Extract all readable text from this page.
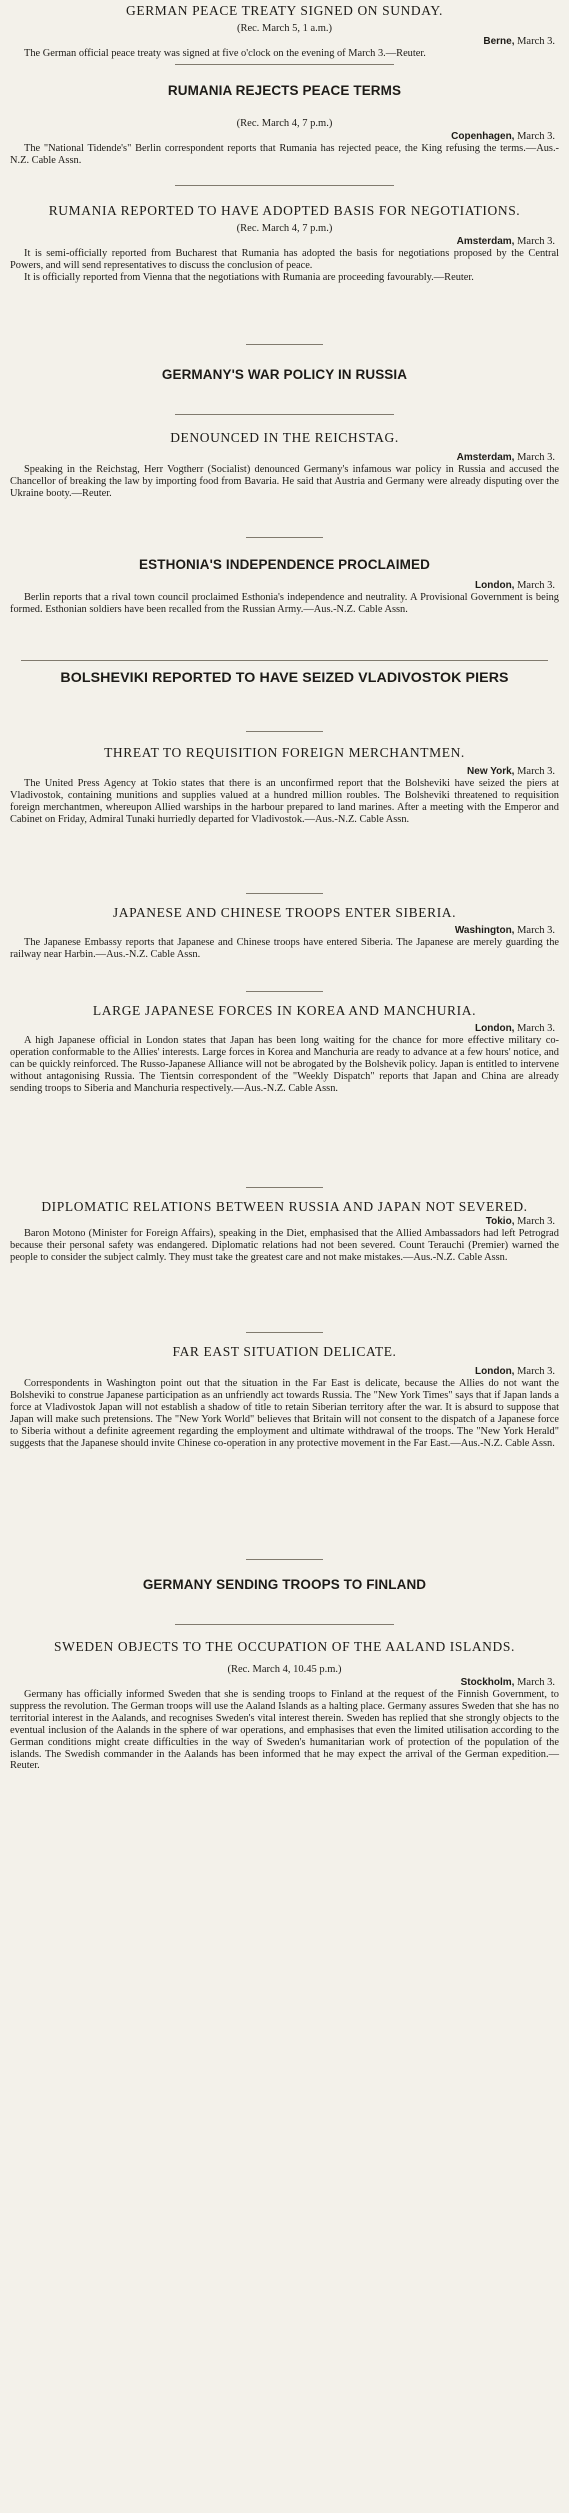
GERMAN PEACE TREATY SIGNED ON SUNDAY.
(Rec. March 5, 1 a.m.)
Berne, March 3.

The German official peace treaty was signed at five o'clock on the evening of March 3.—Reuter.

RUMANIA REJECTS PEACE TERMS
(Rec. March 4, 7 p.m.)
Copenhagen, March 3.

The "National Tidende's" Berlin correspondent reports that Rumania has rejected peace, the King refusing the terms.—Aus.-N.Z. Cable Assn.

RUMANIA REPORTED TO HAVE ADOPTED BASIS FOR NEGOTIATIONS.
(Rec. March 4, 7 p.m.)
Amsterdam, March 3.

It is semi-officially reported from Bucharest that Rumania has adopted the basis for negotiations proposed by the Central Powers, and will send representatives to discuss the conclusion of peace.

It is officially reported from Vienna that the negotiations with Rumania are proceeding favourably.—Reuter.

GERMANY'S WAR POLICY IN RUSSIA
DENOUNCED IN THE REICHSTAG.
Amsterdam, March 3.

Speaking in the Reichstag, Herr Vogtherr (Socialist) denounced Germany's infamous war policy in Russia and accused the Chancellor of breaking the law by importing food from Bavaria. He said that Austria and Germany were already disputing over the Ukraine booty.—Reuter.

ESTHONIA'S INDEPENDENCE PROCLAIMED
London, March 3.

Berlin reports that a rival town council proclaimed Esthonia's independence and neutrality. A Provisional Government is being formed. Esthonian soldiers have been recalled from the Russian Army.—Aus.-N.Z. Cable Assn.

BOLSHEVIKI REPORTED TO HAVE SEIZED VLADIVOSTOK PIERS
THREAT TO REQUISITION FOREIGN MERCHANTMEN.
New York, March 3.

The United Press Agency at Tokio states that there is an unconfirmed report that the Bolsheviki have seized the piers at Vladivostok, containing munitions and supplies valued at a hundred million roubles. The Bolsheviki threatened to requisition foreign merchantmen, whereupon Allied warships in the harbour prepared to land marines. After a meeting with the Emperor and Cabinet on Friday, Admiral Tunaki hurriedly departed for Vladivostok.—Aus.-N.Z. Cable Assn.

JAPANESE AND CHINESE TROOPS ENTER SIBERIA.
Washington, March 3.

The Japanese Embassy reports that Japanese and Chinese troops have entered Siberia. The Japanese are merely guarding the railway near Harbin.—Aus.-N.Z. Cable Assn.

LARGE JAPANESE FORCES IN KOREA AND MANCHURIA.
London, March 3.

A high Japanese official in London states that Japan has been long waiting for the chance for more effective military co-operation conformable to the Allies' interests. Large forces in Korea and Manchuria are ready to advance at a few hours' notice, and can be quickly reinforced. The Russo-Japanese Alliance will not be abrogated by the Bolshevik policy. Japan is entitled to intervene without antagonising Russia. The Tientsin correspondent of the "Weekly Dispatch" reports that Japan and China are already sending troops to Siberia and Manchuria respectively.—Aus.-N.Z. Cable Assn.

DIPLOMATIC RELATIONS BETWEEN RUSSIA AND JAPAN NOT SEVERED.
Tokio, March 3.

Baron Motono (Minister for Foreign Affairs), speaking in the Diet, emphasised that the Allied Ambassadors had left Petrograd because their personal safety was endangered. Diplomatic relations had not been severed. Count Terauchi (Premier) warned the people to consider the subject calmly. They must take the greatest care and not make mistakes.—Aus.-N.Z. Cable Assn.

FAR EAST SITUATION DELICATE.
London, March 3.

Correspondents in Washington point out that the situation in the Far East is delicate, because the Allies do not want the Bolsheviki to construe Japanese participation as an unfriendly act towards Russia. The "New York Times" says that if Japan lands a force at Vladivostok Japan will not establish a shadow of title to retain Siberian territory after the war. It is absurd to suppose that Japan will make such pretensions. The "New York World" believes that Britain will not consent to the dispatch of a Japanese force to Siberia without a definite agreement regarding the employment and ultimate withdrawal of the troops. The "New York Herald" suggests that the Japanese should invite Chinese co-operation in any protective movement in the Far East.—Aus.-N.Z. Cable Assn.

GERMANY SENDING TROOPS TO FINLAND
SWEDEN OBJECTS TO THE OCCUPATION OF THE AALAND ISLANDS.
(Rec. March 4, 10.45 p.m.)
Stockholm, March 3.

Germany has officially informed Sweden that she is sending troops to Finland at the request of the Finnish Government, to suppress the revolution. The German troops will use the Aaland Islands as a halting place. Germany assures Sweden that she has no territorial interest in the Aalands, and recognises Sweden's vital interest therein. Sweden has replied that she strongly objects to the eventual inclusion of the Aalands in the sphere of war operations, and emphasises that even the limited utilisation according to the German conditions might create difficulties in the way of Sweden's humanitarian work of protection of the population of the islands. The Swedish commander in the Aalands has been informed that he may expect the arrival of the German expedition.—Reuter.
